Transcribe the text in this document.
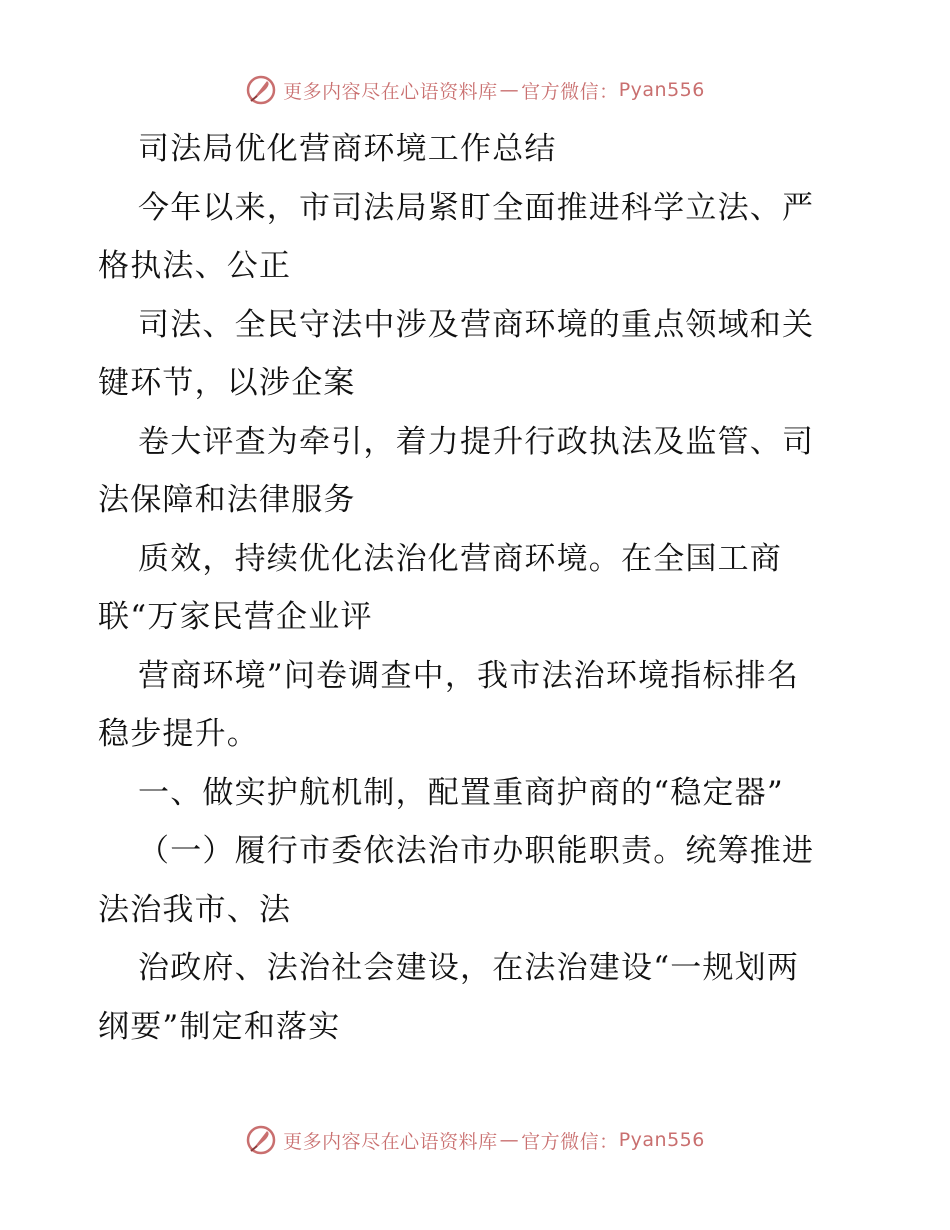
更多内容尽在心语资料库 — 官方微信： Pyan556
司法局优化营商环境工作总结
今年以来，市司法局紧盯全面推进科学立法、严
格执法、公正
司法、全民守法中涉及营商环境的重点领域和关
键环节，以涉企案
卷大评查为牵引，着力提升行政执法及监管、司
法保障和法律服务
质效，持续优化法治化营商环境。在全国工商
联“万家民营企业评
营商环境”问卷调查中，我市法治环境指标排名
稳步提升。
一、做实护航机制，配置重商护商的“稳定器”
（一）履行市委依法治市办职能职责。统筹推进
法治我市、法
治政府、法治社会建设，在法治建设“一规划两
纲要”制定和落实
更多内容尽在心语资料库 — 官方微信： Pyan556
